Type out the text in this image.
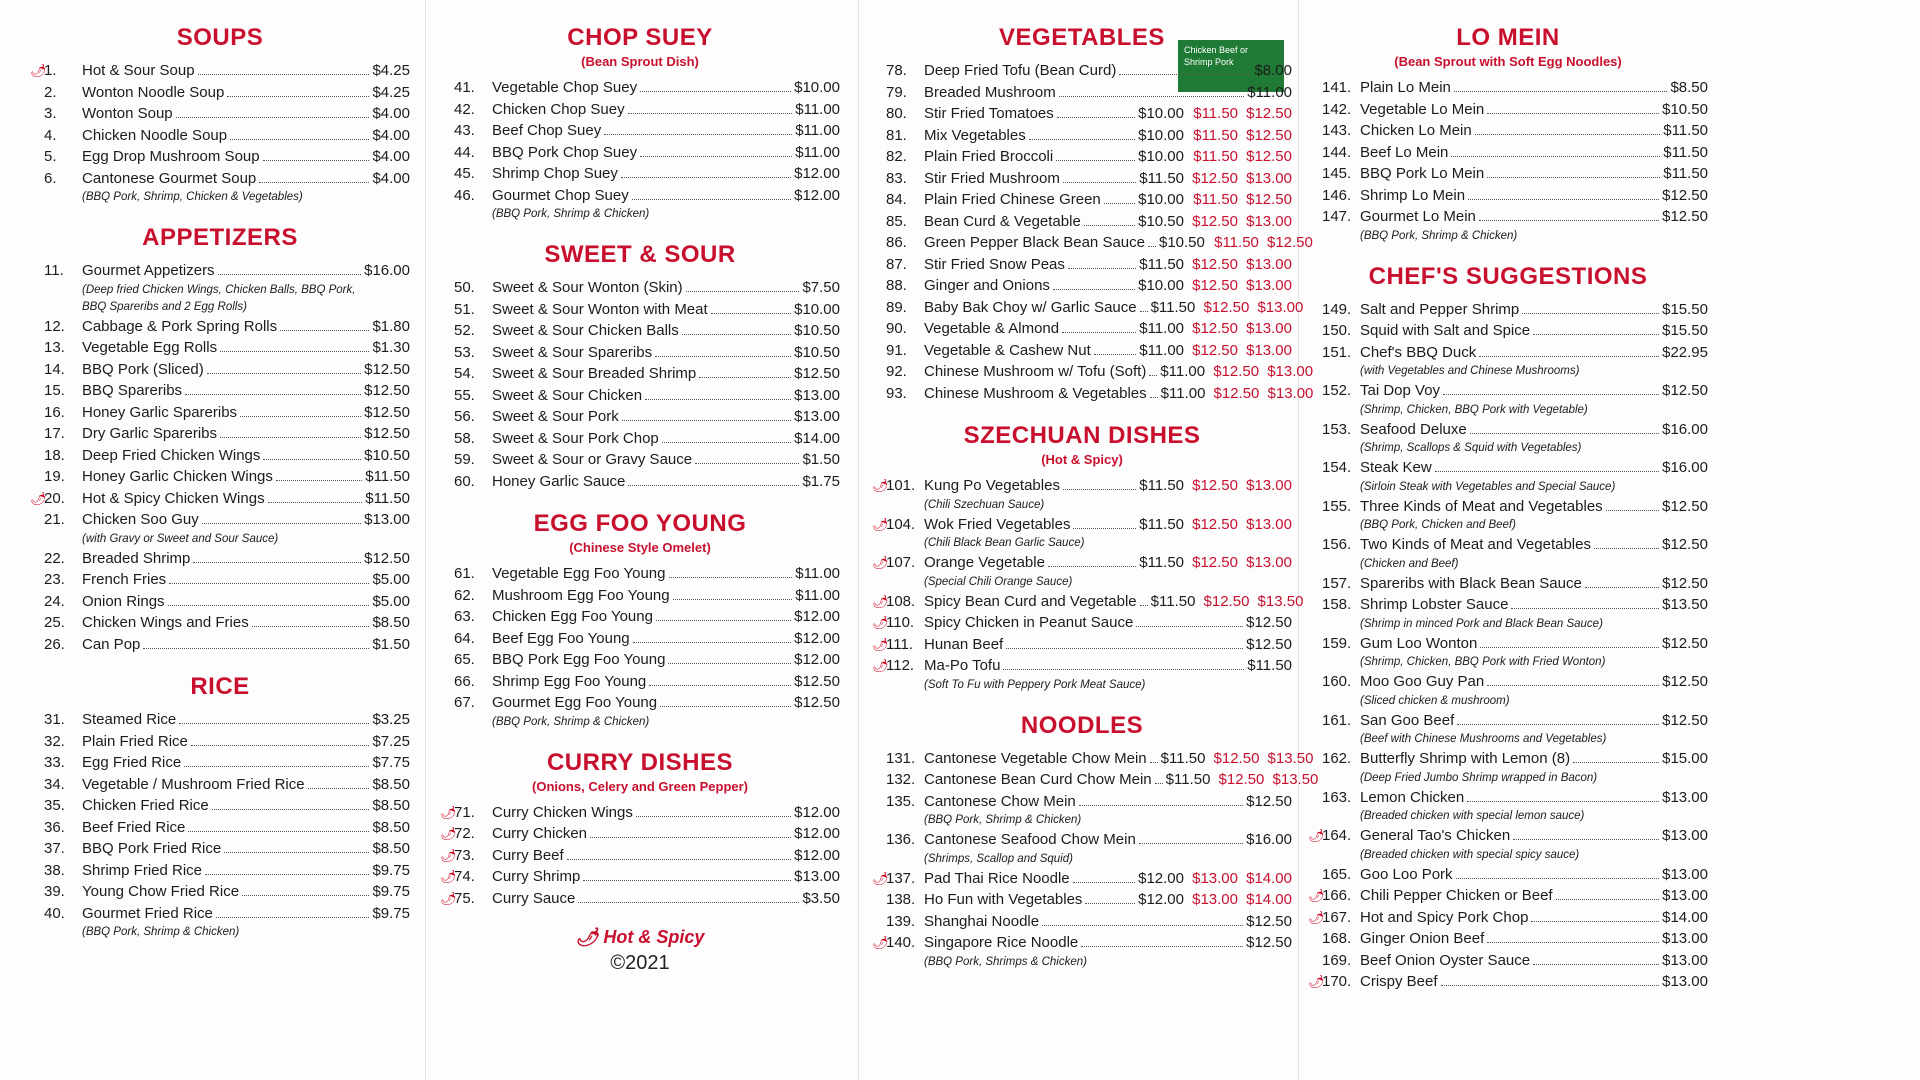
SOUPS
🌶
1.	Hot & Sour Soup	$4.25
2.	Wonton Noodle Soup	$4.25
3.	Wonton Soup	$4.00
4.	Chicken Noodle Soup	$4.00
5.	Egg Drop Mushroom Soup	$4.00
6.	Cantonese Gourmet Soup	$4.00
(BBQ Pork, Shrimp, Chicken & Vegetables)
APPETIZERS
11.	Gourmet Appetizers	$16.00
(Deep fried Chicken Wings, Chicken Balls, BBQ Pork,
BBQ Spareribs and 2 Egg Rolls)
12.	Cabbage & Pork Spring Rolls	$1.80
13.	Vegetable Egg Rolls	$1.30
14.	BBQ Pork (Sliced)	$12.50
15.	BBQ Spareribs	$12.50
16.	Honey Garlic Spareribs	$12.50
17.	Dry Garlic Spareribs	$12.50
18.	Deep Fried Chicken Wings	$10.50
19.	Honey Garlic Chicken Wings	$11.50
🌶
20.	Hot & Spicy Chicken Wings	$11.50
21.	Chicken Soo Guy	$13.00
(with Gravy or Sweet and Sour Sauce)
22.	Breaded Shrimp	$12.50
23.	French Fries	$5.00
24.	Onion Rings	$5.00
25.	Chicken Wings and Fries	$8.50
26.	Can Pop	$1.50
RICE
31.	Steamed Rice	$3.25
32.	Plain Fried Rice	$7.25
33.	Egg Fried Rice	$7.75
34.	Vegetable / Mushroom Fried Rice	$8.50
35.	Chicken Fried Rice	$8.50
36.	Beef Fried Rice	$8.50
37.	BBQ Pork Fried Rice	$8.50
38.	Shrimp Fried Rice	$9.75
39.	Young Chow Fried Rice	$9.75
40.	Gourmet Fried Rice	$9.75
(BBQ Pork, Shrimp & Chicken)
CHOP SUEY
(Bean Sprout Dish)
41.	Vegetable Chop Suey	$10.00
42.	Chicken Chop Suey	$11.00
43.	Beef Chop Suey	$11.00
44.	BBQ Pork Chop Suey	$11.00
45.	Shrimp Chop Suey	$12.00
46.	Gourmet Chop Suey	$12.00
(BBQ Pork, Shrimp & Chicken)
SWEET & SOUR
50.	Sweet & Sour Wonton (Skin)	$7.50
51.	Sweet & Sour Wonton with Meat	$10.00
52.	Sweet & Sour Chicken Balls	$10.50
53.	Sweet & Sour Spareribs	$10.50
54.	Sweet & Sour Breaded Shrimp	$12.50
55.	Sweet & Sour Chicken	$13.00
56.	Sweet & Sour Pork	$13.00
58.	Sweet & Sour Pork Chop	$14.00
59.	Sweet & Sour or Gravy Sauce	$1.50
60.	Honey Garlic Sauce	$1.75
EGG FOO YOUNG
(Chinese Style Omelet)
61.	Vegetable Egg Foo Young	$11.00
62.	Mushroom Egg Foo Young	$11.00
63.	Chicken Egg Foo Young	$12.00
64.	Beef Egg Foo Young	$12.00
65.	BBQ Pork Egg Foo Young	$12.00
66.	Shrimp Egg Foo Young	$12.50
67.	Gourmet Egg Foo Young	$12.50
(BBQ Pork, Shrimp & Chicken)
CURRY DISHES
(Onions, Celery and Green Pepper)
🌶
71.	Curry Chicken Wings	$12.00
🌶
72.	Curry Chicken	$12.00
🌶
73.	Curry Beef	$12.00
🌶
74.	Curry Shrimp	$13.00
🌶
75.	Curry Sauce	$3.50
🌶 Hot & Spicy
©2021
Chicken Beef or Shrimp Pork
VEGETABLES
78.	Deep Fried Tofu (Bean Curd)	$8.00
79.	Breaded Mushroom	$11.00
80.	Stir Fried Tomatoes	$10.00 $11.50 $12.50
81.	Mix Vegetables	$10.00 $11.50 $12.50
82.	Plain Fried Broccoli	$10.00 $11.50 $12.50
83.	Stir Fried Mushroom	$11.50 $12.50 $13.00
84.	Plain Fried Chinese Green $10.00 $11.50 $12.50
85.	Bean Curd & Vegetable	$10.50 $12.50 $13.00
86.	Green Pepper Black Bean Sauce $10.50 $11.50 $12.50
87.	Stir Fried Snow Peas	$11.50 $12.50 $13.00
88.	Ginger and Onions	$10.00 $12.50 $13.00
89.	Baby Bak Choy w/ Garlic Sauce $11.50 $12.50 $13.00
90.	Vegetable & Almond	$11.00 $12.50 $13.00
91.	Vegetable & Cashew Nut	$11.00 $12.50 $13.00
92.	Chinese Mushroom w/ Tofu (Soft) $11.00 $12.50 $13.00
93.	Chinese Mushroom & Vegetables $11.00 $12.50 $13.00
SZECHUAN DISHES
(Hot & Spicy)
🌶
101. Kung Po Vegetables	$11.50 $12.50 $13.00
(Chili Szechuan Sauce)
🌶
104. Wok Fried Vegetables	$11.50 $12.50 $13.00
(Chili Black Bean Garlic Sauce)
🌶
107. Orange Vegetable	$11.50 $12.50 $13.00
(Special Chili Orange Sauce)
🌶
108. Spicy Bean Curd and Vegetable $11.50 $12.50 $13.50
🌶
110. Spicy Chicken in Peanut Sauce	$12.50
🌶
111. Hunan Beef	$12.50
🌶
112. Ma-Po Tofu	$11.50
(Soft To Fu with Peppery Pork Meat Sauce)
NOODLES
131. Cantonese Vegetable Chow Mein $11.50 $12.50 $13.50
132. Cantonese Bean Curd Chow Mein $11.50 $12.50 $13.50
135. Cantonese Chow Mein	$12.50
(BBQ Pork, Shrimp & Chicken)
136. Cantonese Seafood Chow Mein	$16.00
(Shrimps, Scallop and Squid)
🌶
137. Pad Thai Rice Noodle	$12.00 $13.00 $14.00
138. Ho Fun with Vegetables	$12.00 $13.00 $14.00
139. Shanghai Noodle	$12.50
🌶
140. Singapore Rice Noodle	$12.50
(BBQ Pork, Shrimps & Chicken)
LO MEIN
(Bean Sprout with Soft Egg Noodles)
141. Plain Lo Mein	$8.50
142. Vegetable Lo Mein	$10.50
143. Chicken Lo Mein	$11.50
144. Beef Lo Mein	$11.50
145. BBQ Pork Lo Mein	$11.50
146. Shrimp Lo Mein	$12.50
147. Gourmet Lo Mein	$12.50
(BBQ Pork, Shrimp & Chicken)
CHEF'S SUGGESTIONS
149. Salt and Pepper Shrimp	$15.50
150. Squid with Salt and Spice	$15.50
151. Chef's BBQ Duck	$22.95
(with Vegetables and Chinese Mushrooms)
152. Tai Dop Voy	$12.50
(Shrimp, Chicken, BBQ Pork with Vegetable)
153. Seafood Deluxe	$16.00
(Shrimp, Scallops & Squid with Vegetables)
154. Steak Kew	$16.00
(Sirloin Steak with Vegetables and Special Sauce)
155. Three Kinds of Meat and Vegetables	$12.50
(BBQ Pork, Chicken and Beef)
156. Two Kinds of Meat and Vegetables	$12.50
(Chicken and Beef)
157. Spareribs with Black Bean Sauce	$12.50
158. Shrimp Lobster Sauce	$13.50
(Shrimp in minced Pork and Black Bean Sauce)
159. Gum Loo Wonton	$12.50
(Shrimp, Chicken, BBQ Pork with Fried Wonton)
160. Moo Goo Guy Pan	$12.50
(Sliced chicken & mushroom)
161. San Goo Beef	$12.50
(Beef with Chinese Mushrooms and Vegetables)
162. Butterfly Shrimp with Lemon (8)	$15.00
(Deep Fried Jumbo Shrimp wrapped in Bacon)
163. Lemon Chicken	$13.00
(Breaded chicken with special lemon sauce)
🌶
164. General Tao's Chicken	$13.00
(Breaded chicken with special spicy sauce)
165. Goo Loo Pork	$13.00
🌶
166. Chili Pepper Chicken or Beef	$13.00
🌶
167. Hot and Spicy Pork Chop	$14.00
168. Ginger Onion Beef	$13.00
169. Beef Onion Oyster Sauce	$13.00
🌶
170. Crispy Beef	$13.00
